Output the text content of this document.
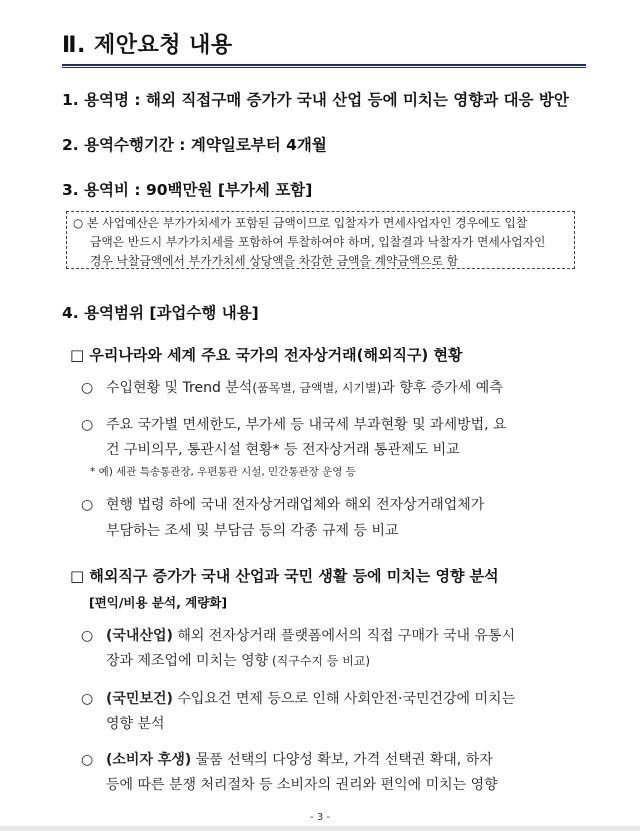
Ⅱ. 제안요청 내용
1. 용역명 : 해외 직접구매 증가가 국내 산업 등에 미치는 영향과 대응 방안
2. 용역수행기간 : 계약일로부터 4개월
3. 용역비 : 90백만원 [부가세 포함]
○ 본 사업예산은 부가가치세가 포함된 금액이므로 입찰자가 면세사업자인 경우에도 입찰
금액은 반드시 부가가치세를 포함하여 투찰하여야 하며, 입찰결과 낙찰자가 면세사업자인
경우 낙찰금액에서 부가가치세 상당액을 차감한 금액을 계약금액으로 함
4. 용역범위 [과업수행 내용]
□ 우리나라와 세계 주요 국가의 전자상거래(해외직구) 현황
○ 수입현황 및 Trend 분석(품목별, 금액별, 시기별)과 향후 증가세 예측
○ 주요 국가별 면세한도, 부가세 등 내국세 부과현황 및 과세방법, 요
건 구비의무, 통관시설 현황* 등 전자상거래 통관제도 비교
* 예) 세관 특송통관장, 우편통관 시설, 민간통관장 운영 등
○ 현행 법령 하에 국내 전자상거래업체와 해외 전자상거래업체가
부담하는 조세 및 부담금 등의 각종 규제 등 비교
□ 해외직구 증가가 국내 산업과 국민 생활 등에 미치는 영향 분석
[편익/비용 분석, 계량화]
○ (국내산업) 해외 전자상거래 플랫폼에서의 직접 구매가 국내 유통시
장과 제조업에 미치는 영향 (직구수지 등 비교)
○ (국민보건) 수입요건 면제 등으로 인해 사회안전·국민건강에 미치는
영향 분석
○ (소비자 후생) 물품 선택의 다양성 확보, 가격 선택권 확대, 하자
등에 따른 분쟁 처리절차 등 소비자의 권리와 편익에 미치는 영향
- 3 -
